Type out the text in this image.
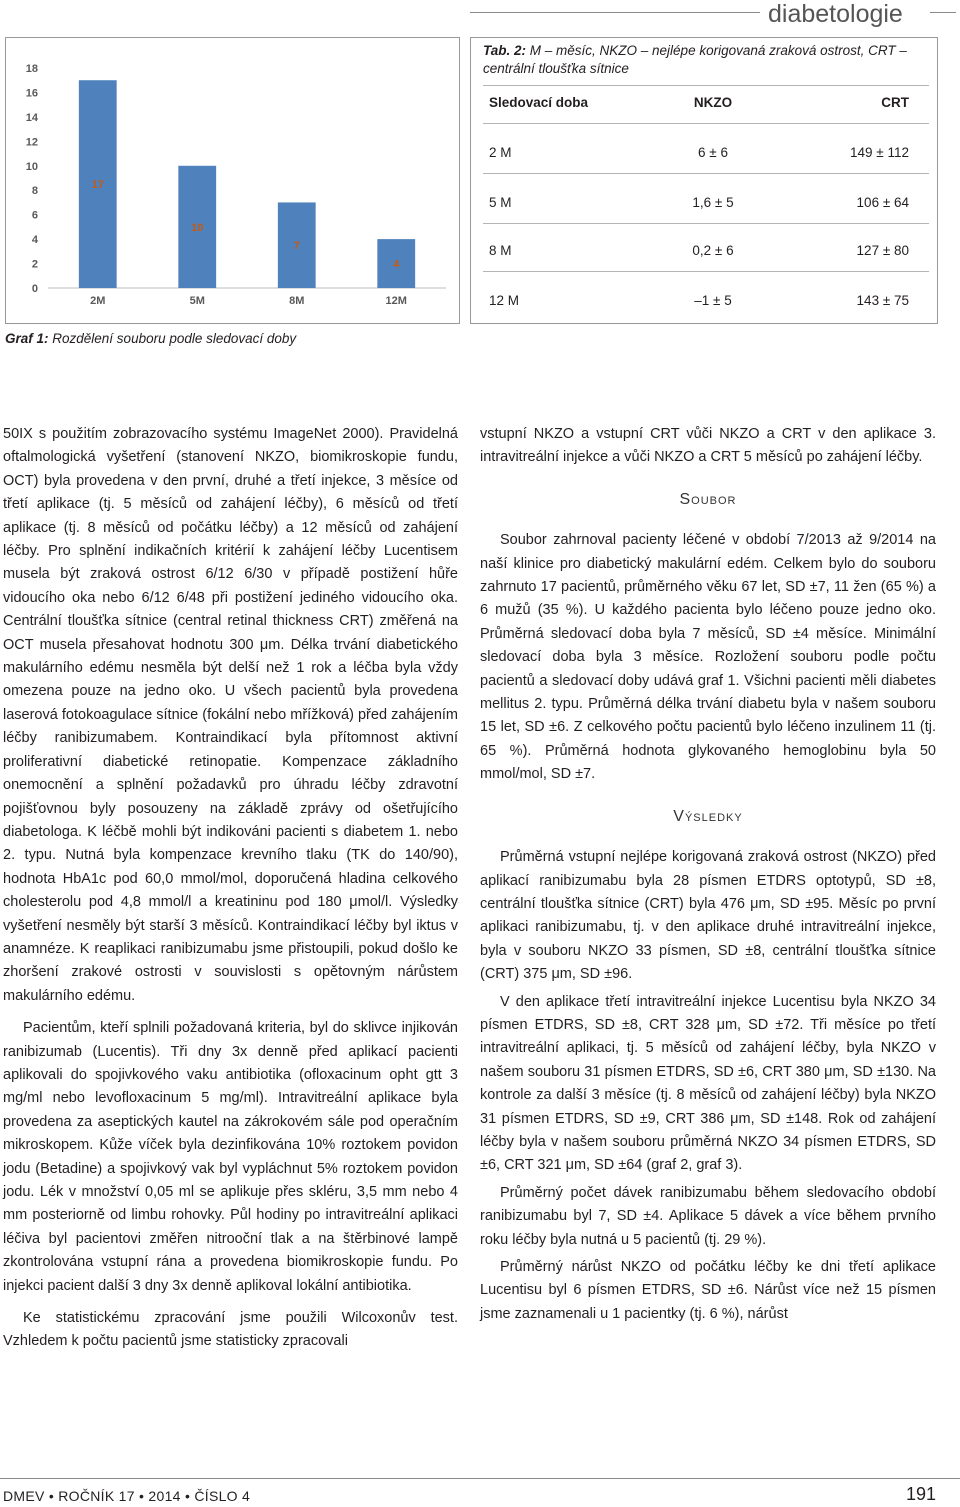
diabetologie
0
2
4
6
8
10
12
14
16
18
17
2M
10
5M
7
8M
4
12M
Graf 1: Rozdělení souboru podle sledovací doby
Tab. 2: M – měsíc, NKZO – nejlépe korigovaná zraková ostrost, CRT – centrální tloušťka sítnice
Sledovací doba	NKZO	CRT
2 M	6 ± 6	149 ± 112
5 M	1,6 ± 5	106 ± 64
8 M	0,2 ± 6	127 ± 80
12 M	–1 ± 5	143 ± 75

50IX s použitím zobrazovacího systému ImageNet 2000). Pravidelná oftalmologická vyšetření (stanovení NKZO, biomikroskopie fundu, OCT) byla provedena v den první, druhé a třetí injekce, 3 měsíce od třetí aplikace (tj. 5 měsíců od zahájení léčby), 6 měsíců od třetí aplikace (tj. 8 měsíců od počátku léčby) a 12 měsíců od zahájení léčby. Pro splnění indikačních kritérií k zahájení léčby Lucentisem musela být zraková ostrost 6/12 6/30 v případě postižení hůře vidoucího oka nebo 6/12 6/48 při postižení jediného vidoucího oka. Centrální tloušťka sítnice (central retinal thickness CRT) změřená na OCT musela přesahovat hodnotu 300 μm. Délka trvání diabetického makulárního edému nesměla být delší než 1 rok a léčba byla vždy omezena pouze na jedno oko. U všech pacientů byla provedena laserová fotokoagulace sítnice (fokální nebo mřížková) před zahájením léčby ranibizumabem. Kontraindikací byla přítomnost aktivní proliferativní diabetické retinopatie. Kompenzace základního onemocnění a splnění požadavků pro úhradu léčby zdravotní pojišťovnou byly posouzeny na základě zprávy od ošetřujícího diabetologa. K léčbě mohli být indikováni pacienti s diabetem 1. nebo 2. typu. Nutná byla kompenzace krevního tlaku (TK do 140/90), hodnota HbA1c pod 60,0 mmol/mol, doporučená hladina celkového cholesterolu pod 4,8 mmol/l a kreatininu pod 180 μmol/l. Výsledky vyšetření nesměly být starší 3 měsíců. Kontraindikací léčby byl iktus v anamnéze. K reaplikaci ranibizumabu jsme přistoupili, pokud došlo ke zhoršení zrakové ostrosti v souvislosti s opětovným nárůstem makulárního edému.

Pacientům, kteří splnili požadovaná kriteria, byl do sklivce injikován ranibizumab (Lucentis). Tři dny 3x denně před aplikací pacienti aplikovali do spojivkového vaku antibiotika (ofloxacinum opht gtt 3 mg/ml nebo levofloxacinum 5 mg/ml). Intravitreální aplikace byla provedena za aseptických kautel na zákrokovém sále pod operačním mikroskopem. Kůže víček byla dezinfikována 10% roztokem povidon jodu (Betadine) a spojivkový vak byl vypláchnut 5% roztokem povidon jodu. Lék v množství 0,05 ml se aplikuje přes skléru, 3,5 mm nebo 4 mm posteriorně od limbu rohovky. Půl hodiny po intravitreální aplikaci léčiva byl pacientovi změřen nitrooční tlak a na štěrbinové lampě zkontrolována vstupní rána a provedena biomikroskopie fundu. Po injekci pacient další 3 dny 3x denně aplikoval lokální antibiotika.

Ke statistickému zpracování jsme použili Wilcoxonův test. Vzhledem k počtu pacientů jsme statisticky zpracovali

vstupní NKZO a vstupní CRT vůči NKZO a CRT v den aplikace 3. intravitreální injekce a vůči NKZO a CRT 5 měsíců po zahájení léčby.

Soubor

Soubor zahrnoval pacienty léčené v období 7/2013 až 9/2014 na naší klinice pro diabetický makulární edém. Celkem bylo do souboru zahrnuto 17 pacientů, průměrného věku 67 let, SD ±7, 11 žen (65 %) a 6 mužů (35 %). U každého pacienta bylo léčeno pouze jedno oko. Průměrná sledovací doba byla 7 měsíců, SD ±4 měsíce. Minimální sledovací doba byla 3 měsíce. Rozložení souboru podle počtu pacientů a sledovací doby udává graf 1. Všichni pacienti měli diabetes mellitus 2. typu. Průměrná délka trvání diabetu byla v našem souboru 15 let, SD ±6. Z celkového počtu pacientů bylo léčeno inzulinem 11 (tj. 65 %). Průměrná hodnota glykovaného hemoglobinu byla 50 mmol/mol, SD ±7.

Výsledky

Průměrná vstupní nejlépe korigovaná zraková ostrost (NKZO) před aplikací ranibizumabu byla 28 písmen ETDRS optotypů, SD ±8, centrální tloušťka sítnice (CRT) byla 476 μm, SD ±95. Měsíc po první aplikaci ranibizumabu, tj. v den aplikace druhé intravitreální injekce, byla v souboru NKZO 33 písmen, SD ±8, centrální tloušťka sítnice (CRT) 375 μm, SD ±96.

V den aplikace třetí intravitreální injekce Lucentisu byla NKZO 34 písmen ETDRS, SD ±8, CRT 328 μm, SD ±72. Tři měsíce po třetí intravitreální aplikaci, tj. 5 měsíců od zahájení léčby, byla NKZO v našem souboru 31 písmen ETDRS, SD ±6, CRT 380 μm, SD ±130. Na kontrole za další 3 měsíce (tj. 8 měsíců od zahájení léčby) byla NKZO 31 písmen ETDRS, SD ±9, CRT 386 μm, SD ±148. Rok od zahájení léčby byla v našem souboru průměrná NKZO 34 písmen ETDRS, SD ±6, CRT 321 μm, SD ±64 (graf 2, graf 3).

Průměrný počet dávek ranibizumabu během sledovacího období ranibizumabu byl 7, SD ±4. Aplikace 5 dávek a více během prvního roku léčby byla nutná u 5 pacientů (tj. 29 %).

Průměrný nárůst NKZO od počátku léčby ke dni třetí aplikace Lucentisu byl 6 písmen ETDRS, SD ±6. Nárůst více než 15 písmen jsme zaznamenali u 1 pacientky (tj. 6 %), nárůst

DMEV • ROČNÍK 17 • 2014 • ČÍSLO 4	191
